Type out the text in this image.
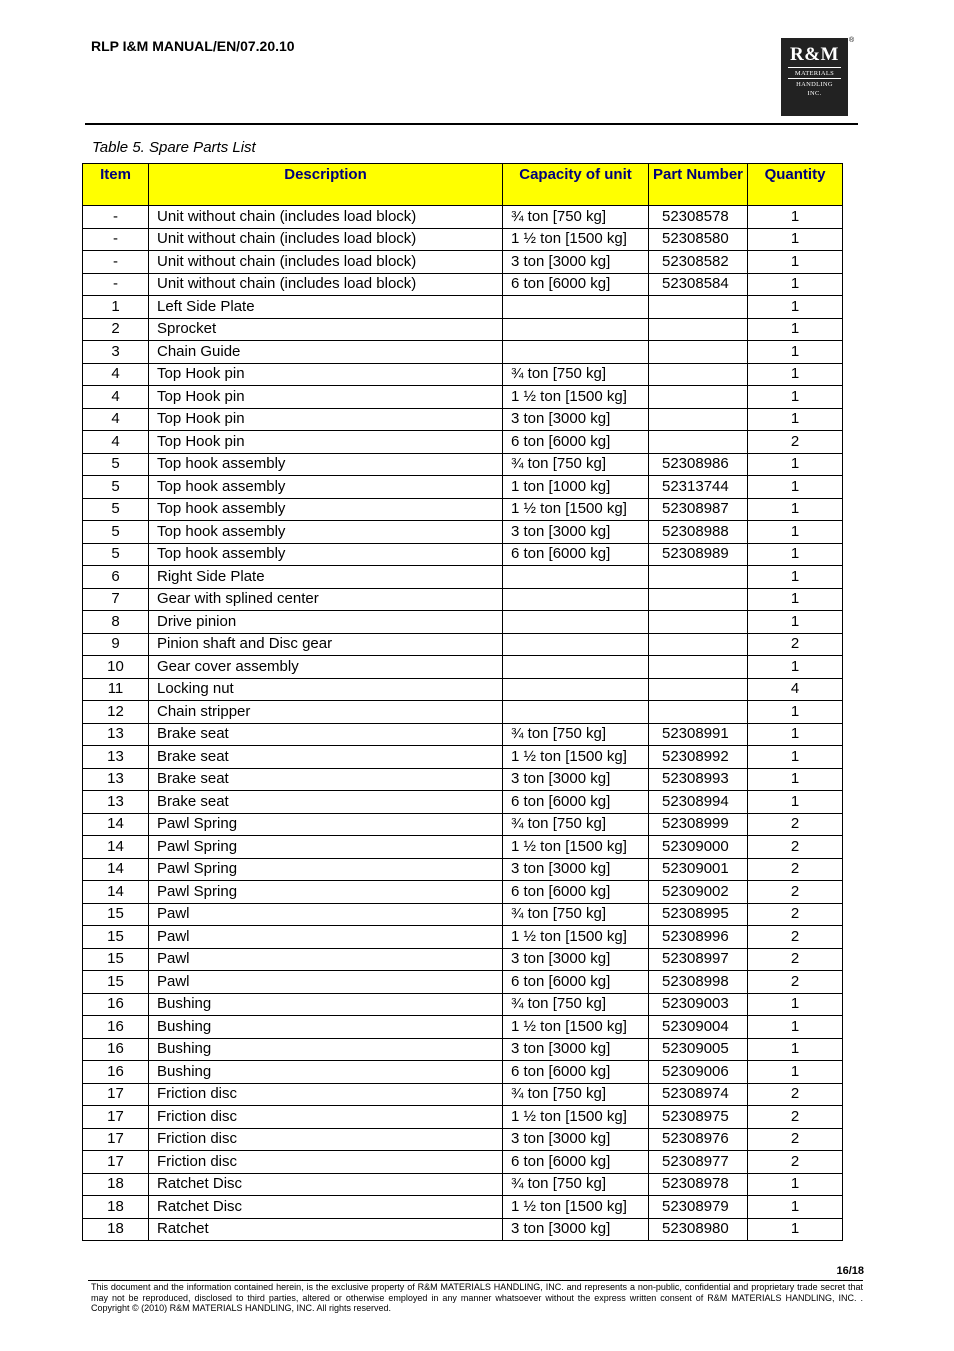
RLP I&M MANUAL/EN/07.20.10	R&M
MATERIALS
HANDLING
INC.
®
Table 5. Spare Parts List
Item	Description	Capacity of unit	Part Number	Quantity
-	Unit without chain (includes load block)	¾ ton [750 kg]	52308578	1
-	Unit without chain (includes load block)	1 ½ ton [1500 kg]	52308580	1
-	Unit without chain (includes load block)	3 ton [3000 kg]	52308582	1
-	Unit without chain (includes load block)	6 ton [6000 kg]	52308584	1
1	Left Side Plate			1
2	Sprocket			1
3	Chain Guide			1
4	Top Hook pin	¾ ton [750 kg]		1
4	Top Hook pin	1 ½ ton [1500 kg]		1
4	Top Hook pin	3 ton [3000 kg]		1
4	Top Hook pin	6 ton [6000 kg]		2
5	Top hook assembly	¾ ton [750 kg]	52308986	1
5	Top hook assembly	1 ton [1000 kg]	52313744	1
5	Top hook assembly	1 ½ ton [1500 kg]	52308987	1
5	Top hook assembly	3 ton [3000 kg]	52308988	1
5	Top hook assembly	6 ton [6000 kg]	52308989	1
6	Right Side Plate			1
7	Gear with splined center			1
8	Drive pinion			1
9	Pinion shaft and Disc gear			2
10	Gear cover assembly			1
11	Locking nut			4
12	Chain stripper			1
13	Brake seat	¾ ton [750 kg]	52308991	1
13	Brake seat	1 ½ ton [1500 kg]	52308992	1
13	Brake seat	3 ton [3000 kg]	52308993	1
13	Brake seat	6 ton [6000 kg]	52308994	1
14	Pawl Spring	¾ ton [750 kg]	52308999	2
14	Pawl Spring	1 ½ ton [1500 kg]	52309000	2
14	Pawl Spring	3 ton [3000 kg]	52309001	2
14	Pawl Spring	6 ton [6000 kg]	52309002	2
15	Pawl	¾ ton [750 kg]	52308995	2
15	Pawl	1 ½ ton [1500 kg]	52308996	2
15	Pawl	3 ton [3000 kg]	52308997	2
15	Pawl	6 ton [6000 kg]	52308998	2
16	Bushing	¾ ton [750 kg]	52309003	1
16	Bushing	1 ½ ton [1500 kg]	52309004	1
16	Bushing	3 ton [3000 kg]	52309005	1
16	Bushing	6 ton [6000 kg]	52309006	1
17	Friction disc	¾ ton [750 kg]	52308974	2
17	Friction disc	1 ½ ton [1500 kg]	52308975	2
17	Friction disc	3 ton [3000 kg]	52308976	2
17	Friction disc	6 ton [6000 kg]	52308977	2
18	Ratchet Disc	¾ ton [750 kg]	52308978	1
18	Ratchet Disc	1 ½ ton [1500 kg]	52308979	1
18	Ratchet	3 ton [3000 kg]	52308980	1
16/18
This document and the information contained herein, is the exclusive property of R&M MATERIALS HANDLING, INC. and represents a non-public, confidential and proprietary trade secret that may not be reproduced, disclosed to third parties, altered or otherwise employed in any manner whatsoever without the express written consent of R&M MATERIALS HANDLING, INC. . Copyright © (2010) R&M MATERIALS HANDLING, INC. All rights reserved.
